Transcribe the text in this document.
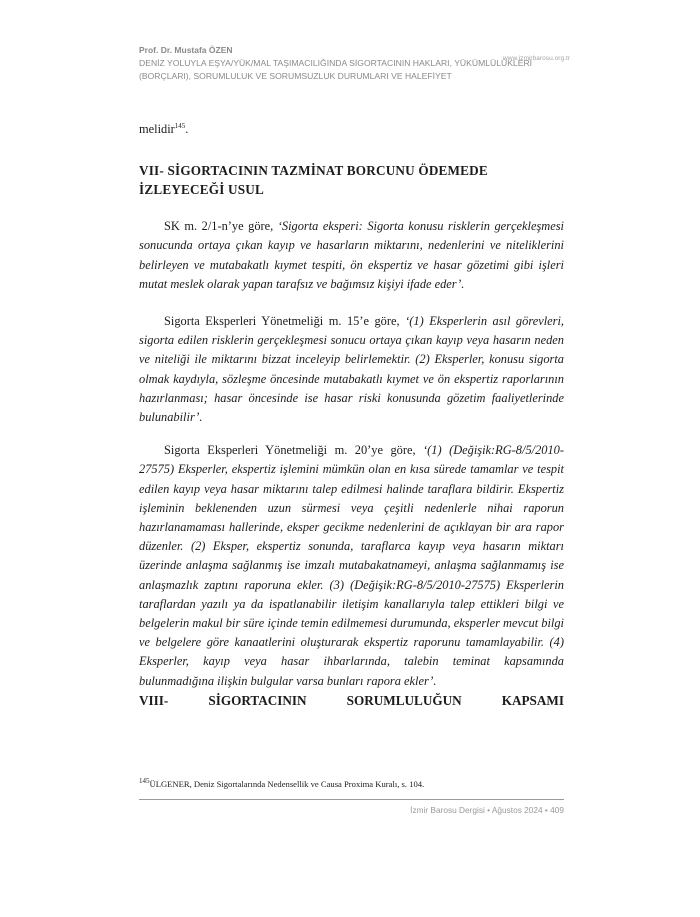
Prof. Dr. Mustafa ÖZEN

DENİZ YOLUYLA EŞYA/YÜK/MAL TAŞIMACILIĞINDA SİGORTACININ HAKLARI, YÜKÜMLÜLÜKLERİ (BORÇLARI), SORUMLULUK VE SORUMSUZLUK DURUMLARI VE HALEFİYET

www.izmirbarosu.org.tr

melidir$^{145}$.

VII- SİGORTACININ TAZMİNAT BORCUNU ÖDEMEDE İZLEYECEĞİ USUL

SK m. 2/1-n’ye göre, ‘Sigorta eksperi: Sigorta konusu risklerin gerçekleşmesi sonucunda ortaya çıkan kayıp ve hasarların miktarını, nedenlerini ve niteliklerini belirleyen ve mutabakatlı kıymet tespiti, ön ekspertiz ve hasar gözetimi gibi işleri mutat meslek olarak yapan tarafsız ve bağımsız kişiyi ifade eder’.

Sigorta Eksperleri Yönetmeliği m. 15’e göre, ‘(1) Eksperlerin asıl görevleri, sigorta edilen risklerin gerçekleşmesi sonucu ortaya çıkan kayıp veya hasarın neden ve niteliği ile miktarını bizzat inceleyip belirlemektir. (2) Eksperler, konusu sigorta olmak kaydıyla, sözleşme öncesinde mutabakatlı kıymet ve ön ekspertiz raporlarının hazırlanması; hasar öncesinde ise hasar riski konusunda gözetim faaliyetlerinde bulunabilir’.

Sigorta Eksperleri Yönetmeliği m. 20’ye göre, ‘(1) (Değişik:RG-8/5/2010-27575) Eksperler, ekspertiz işlemini mümkün olan en kısa sürede tamamlar ve tespit edilen kayıp veya hasar miktarını talep edilmesi halinde taraflara bildirir. Ekspertiz işleminin beklenenden uzun sürmesi veya çeşitli nedenlerle nihai raporun hazırlanamaması hallerinde, eksper gecikme nedenlerini de açıklayan bir ara rapor düzenler. (2) Eksper, ekspertiz sonunda, taraflarca kayıp veya hasarın miktarı üzerinde anlaşma sağlanmış ise imzalı mutabakatnameyi, anlaşma sağlanmamış ise anlaşmazlık zaptını raporuna ekler. (3) (Değişik:RG-8/5/2010-27575) Eksperlerin taraflardan yazılı ya da ispatlanabilir iletişim kanallarıyla talep ettikleri bilgi ve belgelerin makul bir süre içinde temin edilmemesi durumunda, eksperler mevcut bilgi ve belgelere göre kanaatlerini oluşturarak ekspertiz raporunu tamamlayabilir. (4) Eksperler, kayıp veya hasar ihbarlarında, talebin teminat kapsamında bulunmadığına ilişkin bulgular varsa bunları rapora ekler’.

VIII- SİGORTACININ SORUMLULUĞUN KAPSAMI

$^{145}$ÜLGENER, Deniz Sigortalarında Nedensellik ve Causa Proxima Kuralı, s. 104.
İzmir Barosu Dergisi • Ağustos 2024 • 409
